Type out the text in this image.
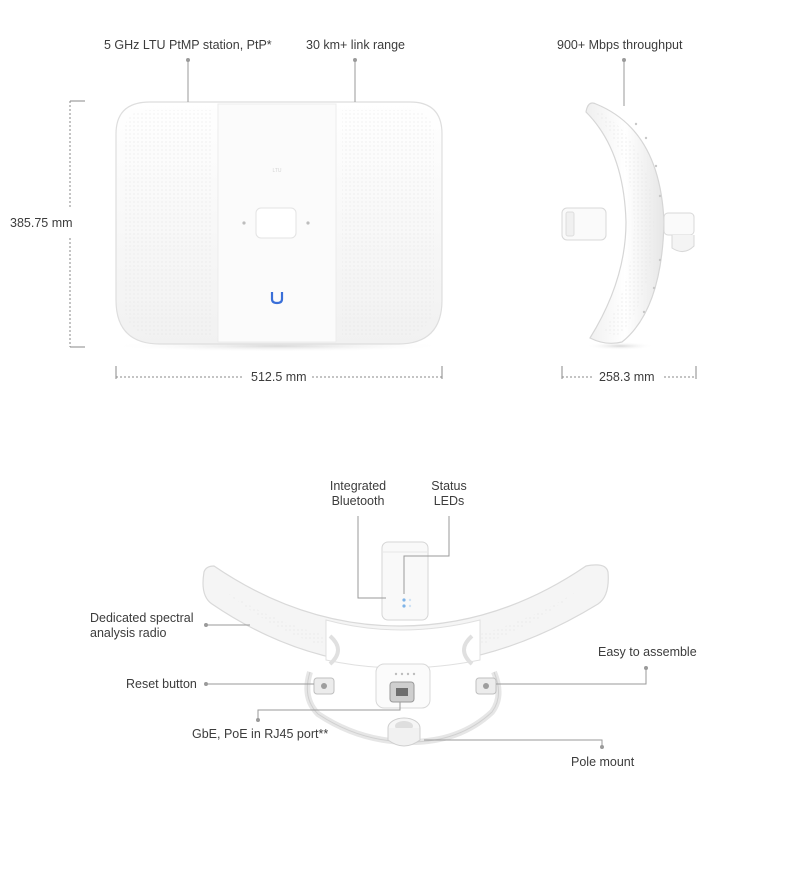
LTU
5 GHz LTU PtMP station, PtP*	30 km+ link range	900+ Mbps throughput
385.75 mm
512.5 mm	258.3 mm
Integrated
Bluetooth
Status
LEDs
Dedicated spectral
analysis radio
Reset button
GbE, PoE in RJ45 port**
Easy to assemble
Pole mount
